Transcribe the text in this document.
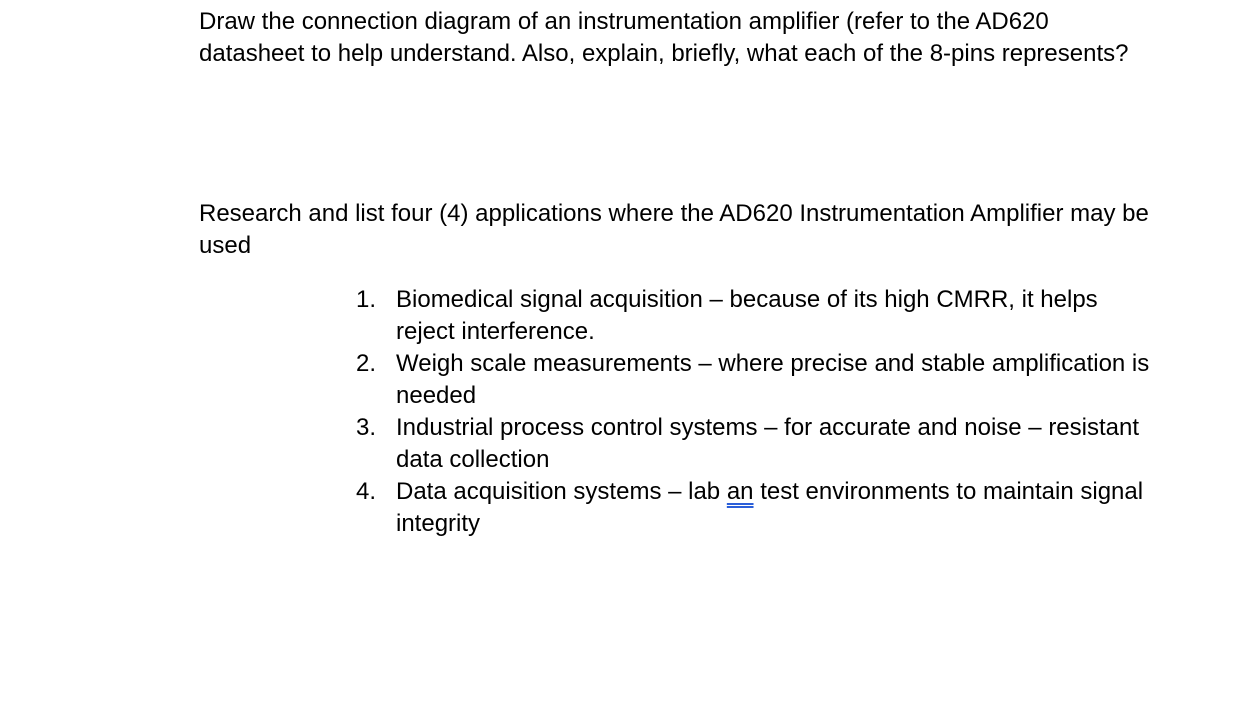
Draw the connection diagram of an instrumentation amplifier (refer to the AD620 datasheet to help understand. Also, explain, briefly, what each of the 8-pins represents?

Research and list four (4) applications where the AD620 Instrumentation Amplifier may be used

1. Biomedical signal acquisition – because of its high CMRR, it helps reject interference.
2. Weigh scale measurements – where precise and stable amplification is needed
3. Industrial process control systems – for accurate and noise – resistant data collection
4. Data acquisition systems – lab an test environments to maintain signal integrity
